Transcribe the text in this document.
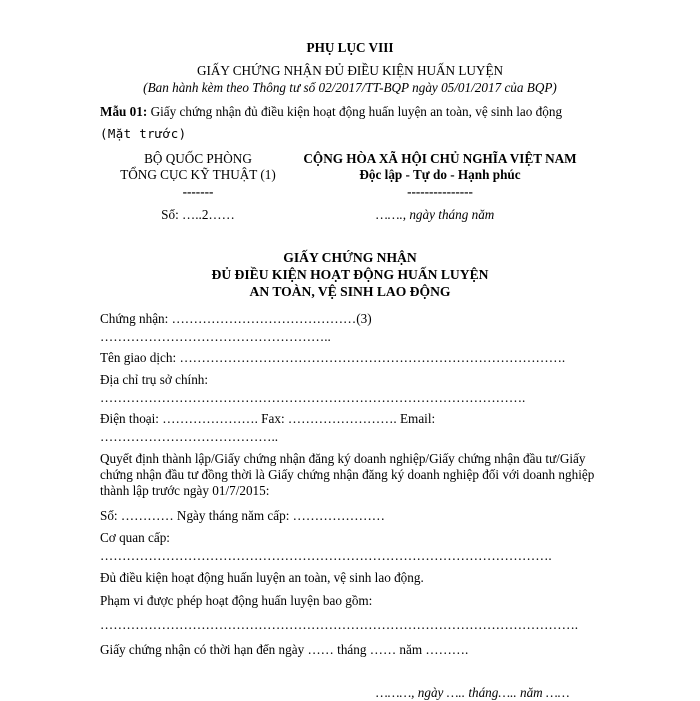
PHỤ LỤC VIII
GIẤY CHỨNG NHẬN ĐỦ ĐIỀU KIỆN HUẤN LUYỆN
(Ban hành kèm theo Thông tư số 02/2017/TT-BQP ngày 05/01/2017 của BQP)
Mẫu 01: Giấy chứng nhận đủ điều kiện hoạt động huấn luyện an toàn, vệ sinh lao động
(Mặt trước)
BỘ QUỐC PHÒNG
TỔNG CỤC KỸ THUẬT (1)
-------
Số: …..2……
CỘNG HÒA XÃ HỘI CHỦ NGHĨA VIỆT NAM
Độc lập - Tự do - Hạnh phúc
---------------
……., ngày tháng năm
GIẤY CHỨNG NHẬN
ĐỦ ĐIỀU KIỆN HOẠT ĐỘNG HUẤN LUYỆN
AN TOÀN, VỆ SINH LAO ĐỘNG
Chứng nhận: ……………………………………(3)
……………………………………………..
Tên giao dịch: …………………………………………………………………………….
Địa chỉ trụ sở chính:
…………………………………………………………………………………….
Điện thoại: …………………. Fax: ……………………. Email:
…………………………………..
Quyết định thành lập/Giấy chứng nhận đăng ký doanh nghiệp/Giấy chứng nhận đầu tư/Giấy
chứng nhận đầu tư đồng thời là Giấy chứng nhận đăng ký doanh nghiệp đối với doanh nghiệp
thành lập trước ngày 01/7/2015:
Số: ………… Ngày tháng năm cấp: …………………
Cơ quan cấp:
………………………………………………………………………………………….
Đủ điều kiện hoạt động huấn luyện an toàn, vệ sinh lao động.
Phạm vi được phép hoạt động huấn luyện bao gồm:
……………………………………………………………………………………………….
Giấy chứng nhận có thời hạn đến ngày …… tháng …… năm ……….
………, ngày ….. tháng….. năm ……
